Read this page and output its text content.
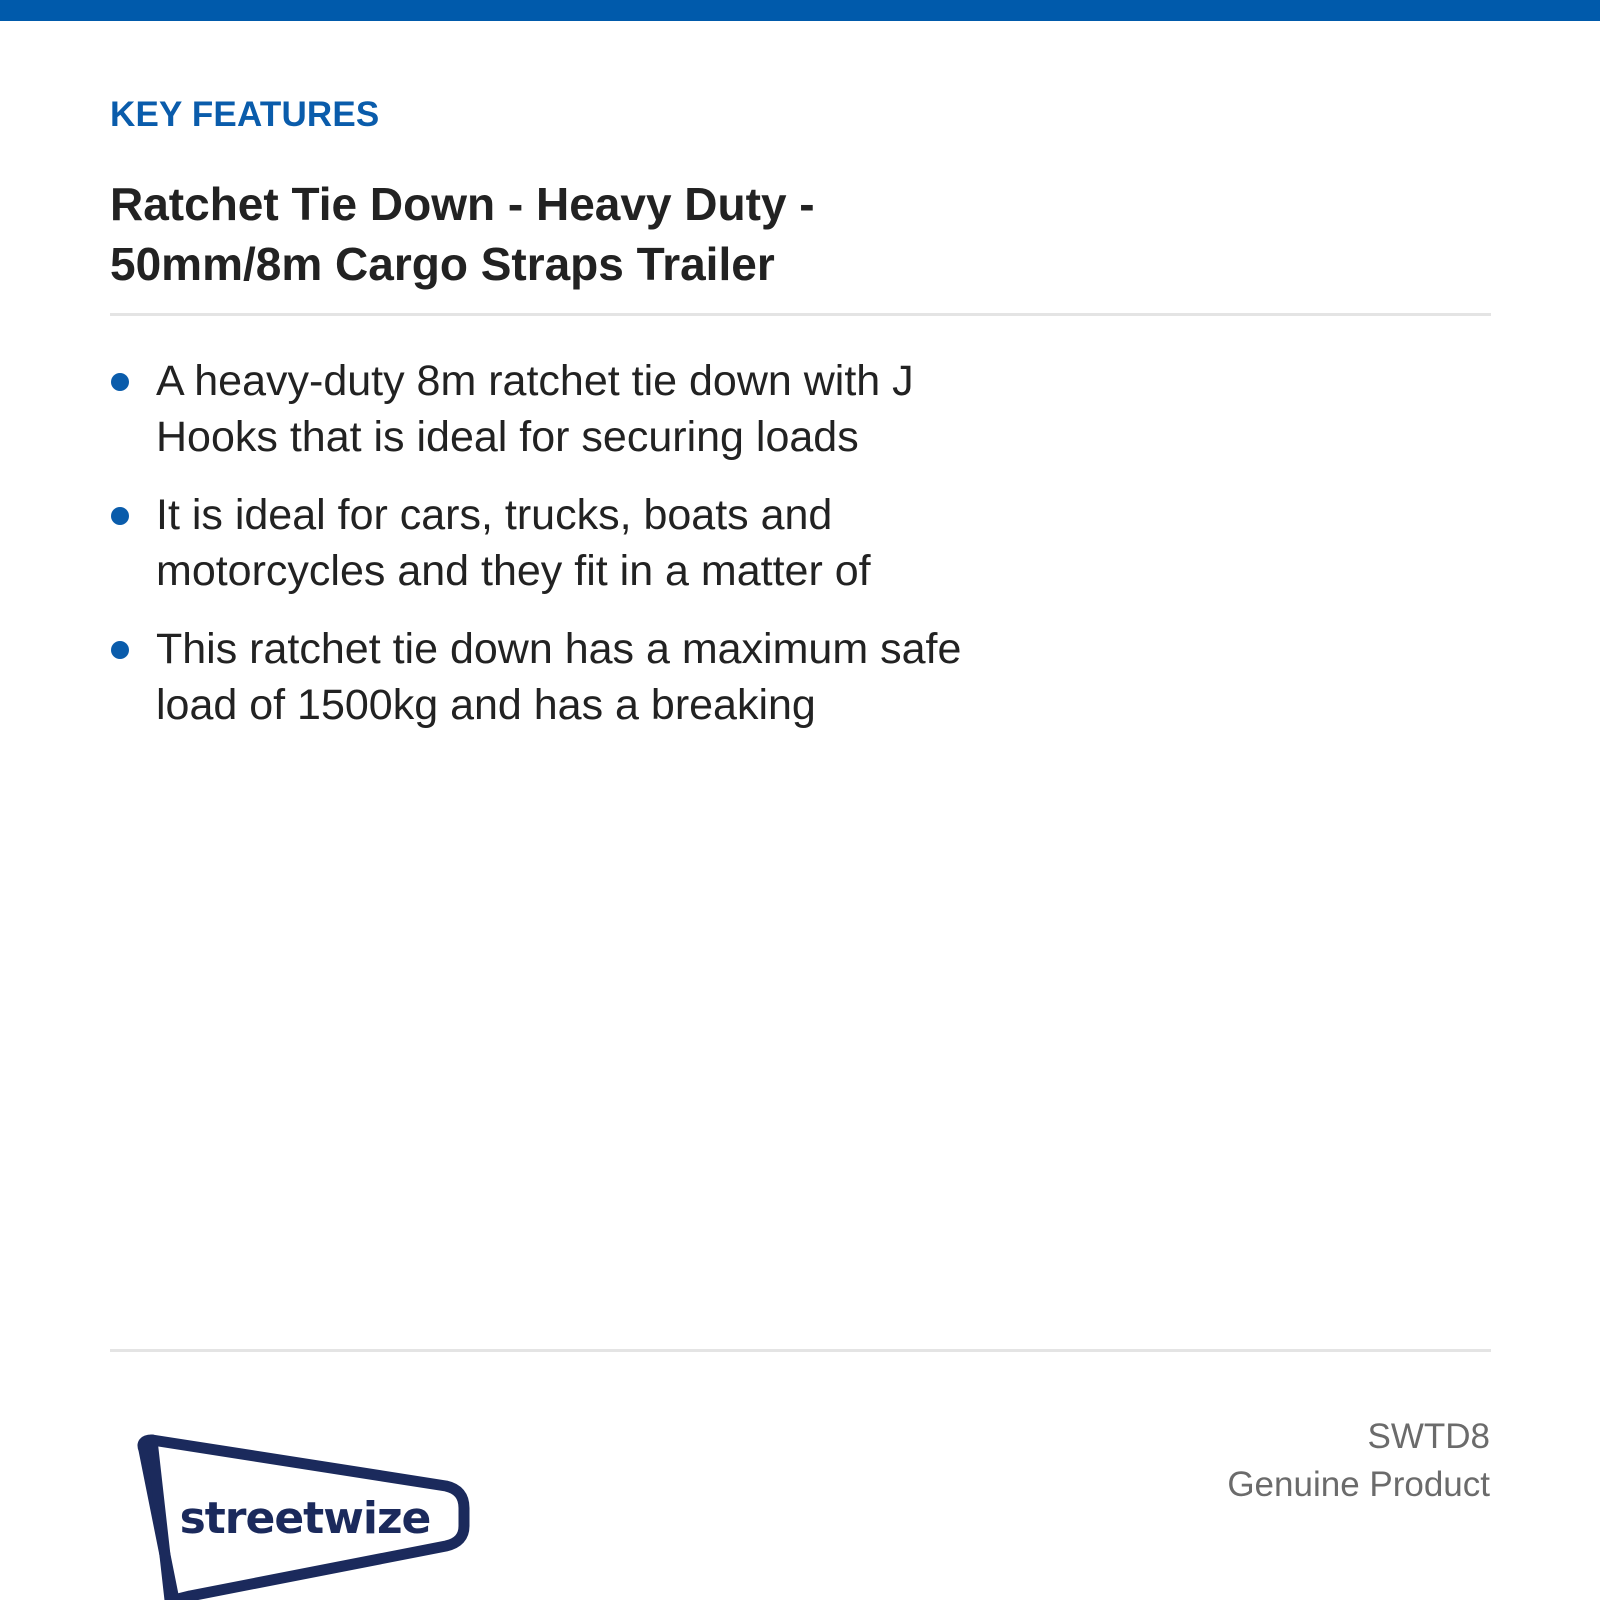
KEY FEATURES
Ratchet Tie Down - Heavy Duty -
50mm/8m Cargo Straps Trailer
A heavy-duty 8m ratchet tie down with J
Hooks that is ideal for securing loads
It is ideal for cars, trucks, boats and
motorcycles and they fit in a matter of
This ratchet tie down has a maximum safe
load of 1500kg and has a breaking
streetwize
SWTD8
Genuine Product
